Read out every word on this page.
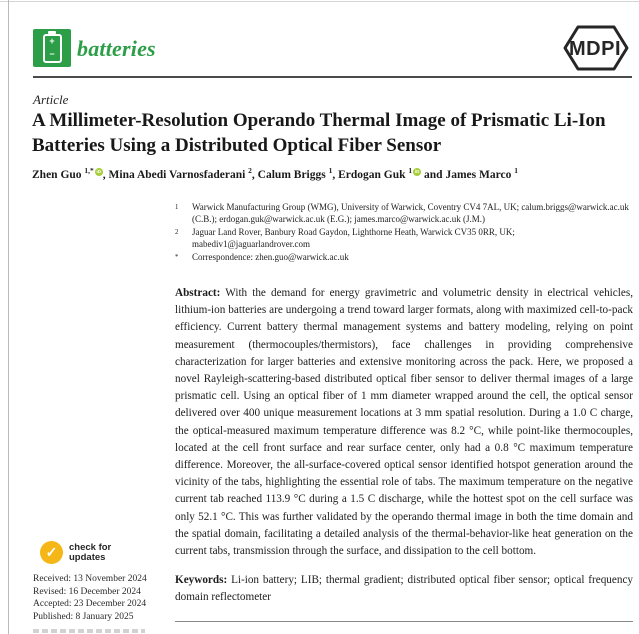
+
− batteries	MDPI
Article
A Millimeter-Resolution Operando Thermal Image of Prismatic Li-Ion Batteries Using a Distributed Optical Fiber Sensor
Zhen Guo $^{1,*}$ iD , Mina Abedi Varnosfaderani $^2$, Calum Briggs $^1$, Erdogan Guk $^1$ iD and James Marco $^1$
1	Warwick Manufacturing Group (WMG), University of Warwick, Coventry CV4 7AL, UK; calum.briggs@warwick.ac.uk (C.B.); erdogan.guk@warwick.ac.uk (E.G.); james.marco@warwick.ac.uk (J.M.)
2	Jaguar Land Rover, Banbury Road Gaydon, Lighthorne Heath, Warwick CV35 0RR, UK; mabediv1@jaguarlandrover.com
*	Correspondence: zhen.guo@warwick.ac.uk
Abstract: With the demand for energy gravimetric and volumetric density in electrical vehicles, lithium-ion batteries are undergoing a trend toward larger formats, along with maximized cell-to-pack efficiency. Current battery thermal management systems and battery modeling, relying on point measurement (thermocouples/thermistors), face challenges in providing comprehensive characterization for larger batteries and extensive monitoring across the pack. Here, we proposed a novel Rayleigh-scattering-based distributed optical fiber sensor to deliver thermal images of a large prismatic cell. Using an optical fiber of 1 mm diameter wrapped around the cell, the optical sensor delivered over 400 unique measurement locations at 3 mm spatial resolution. During a 1.0 C charge, the optical-measured maximum temperature difference was 8.2 °C, while point-like thermocouples, located at the cell front surface and rear surface center, only had a 0.8 °C maximum temperature difference. Moreover, the all-surface-covered optical sensor identified hotspot generation around the vicinity of the tabs, highlighting the essential role of tabs. The maximum temperature on the negative current tab reached 113.9 °C during a 1.5 C discharge, while the hottest spot on the cell surface was only 52.1 °C. This was further validated by the operando thermal image in both the time domain and the spatial domain, facilitating a detailed analysis of the thermal-behavior-like heat generation on the current tabs, transmission through the surface, and dissipation to the cell bottom.
Keywords: Li-ion battery; LIB; thermal gradient; distributed optical fiber sensor; optical frequency domain reflectometer
✓	check for
updates
Received: 13 November 2024
Revised: 16 December 2024
Accepted: 23 December 2024
Published: 8 January 2025
